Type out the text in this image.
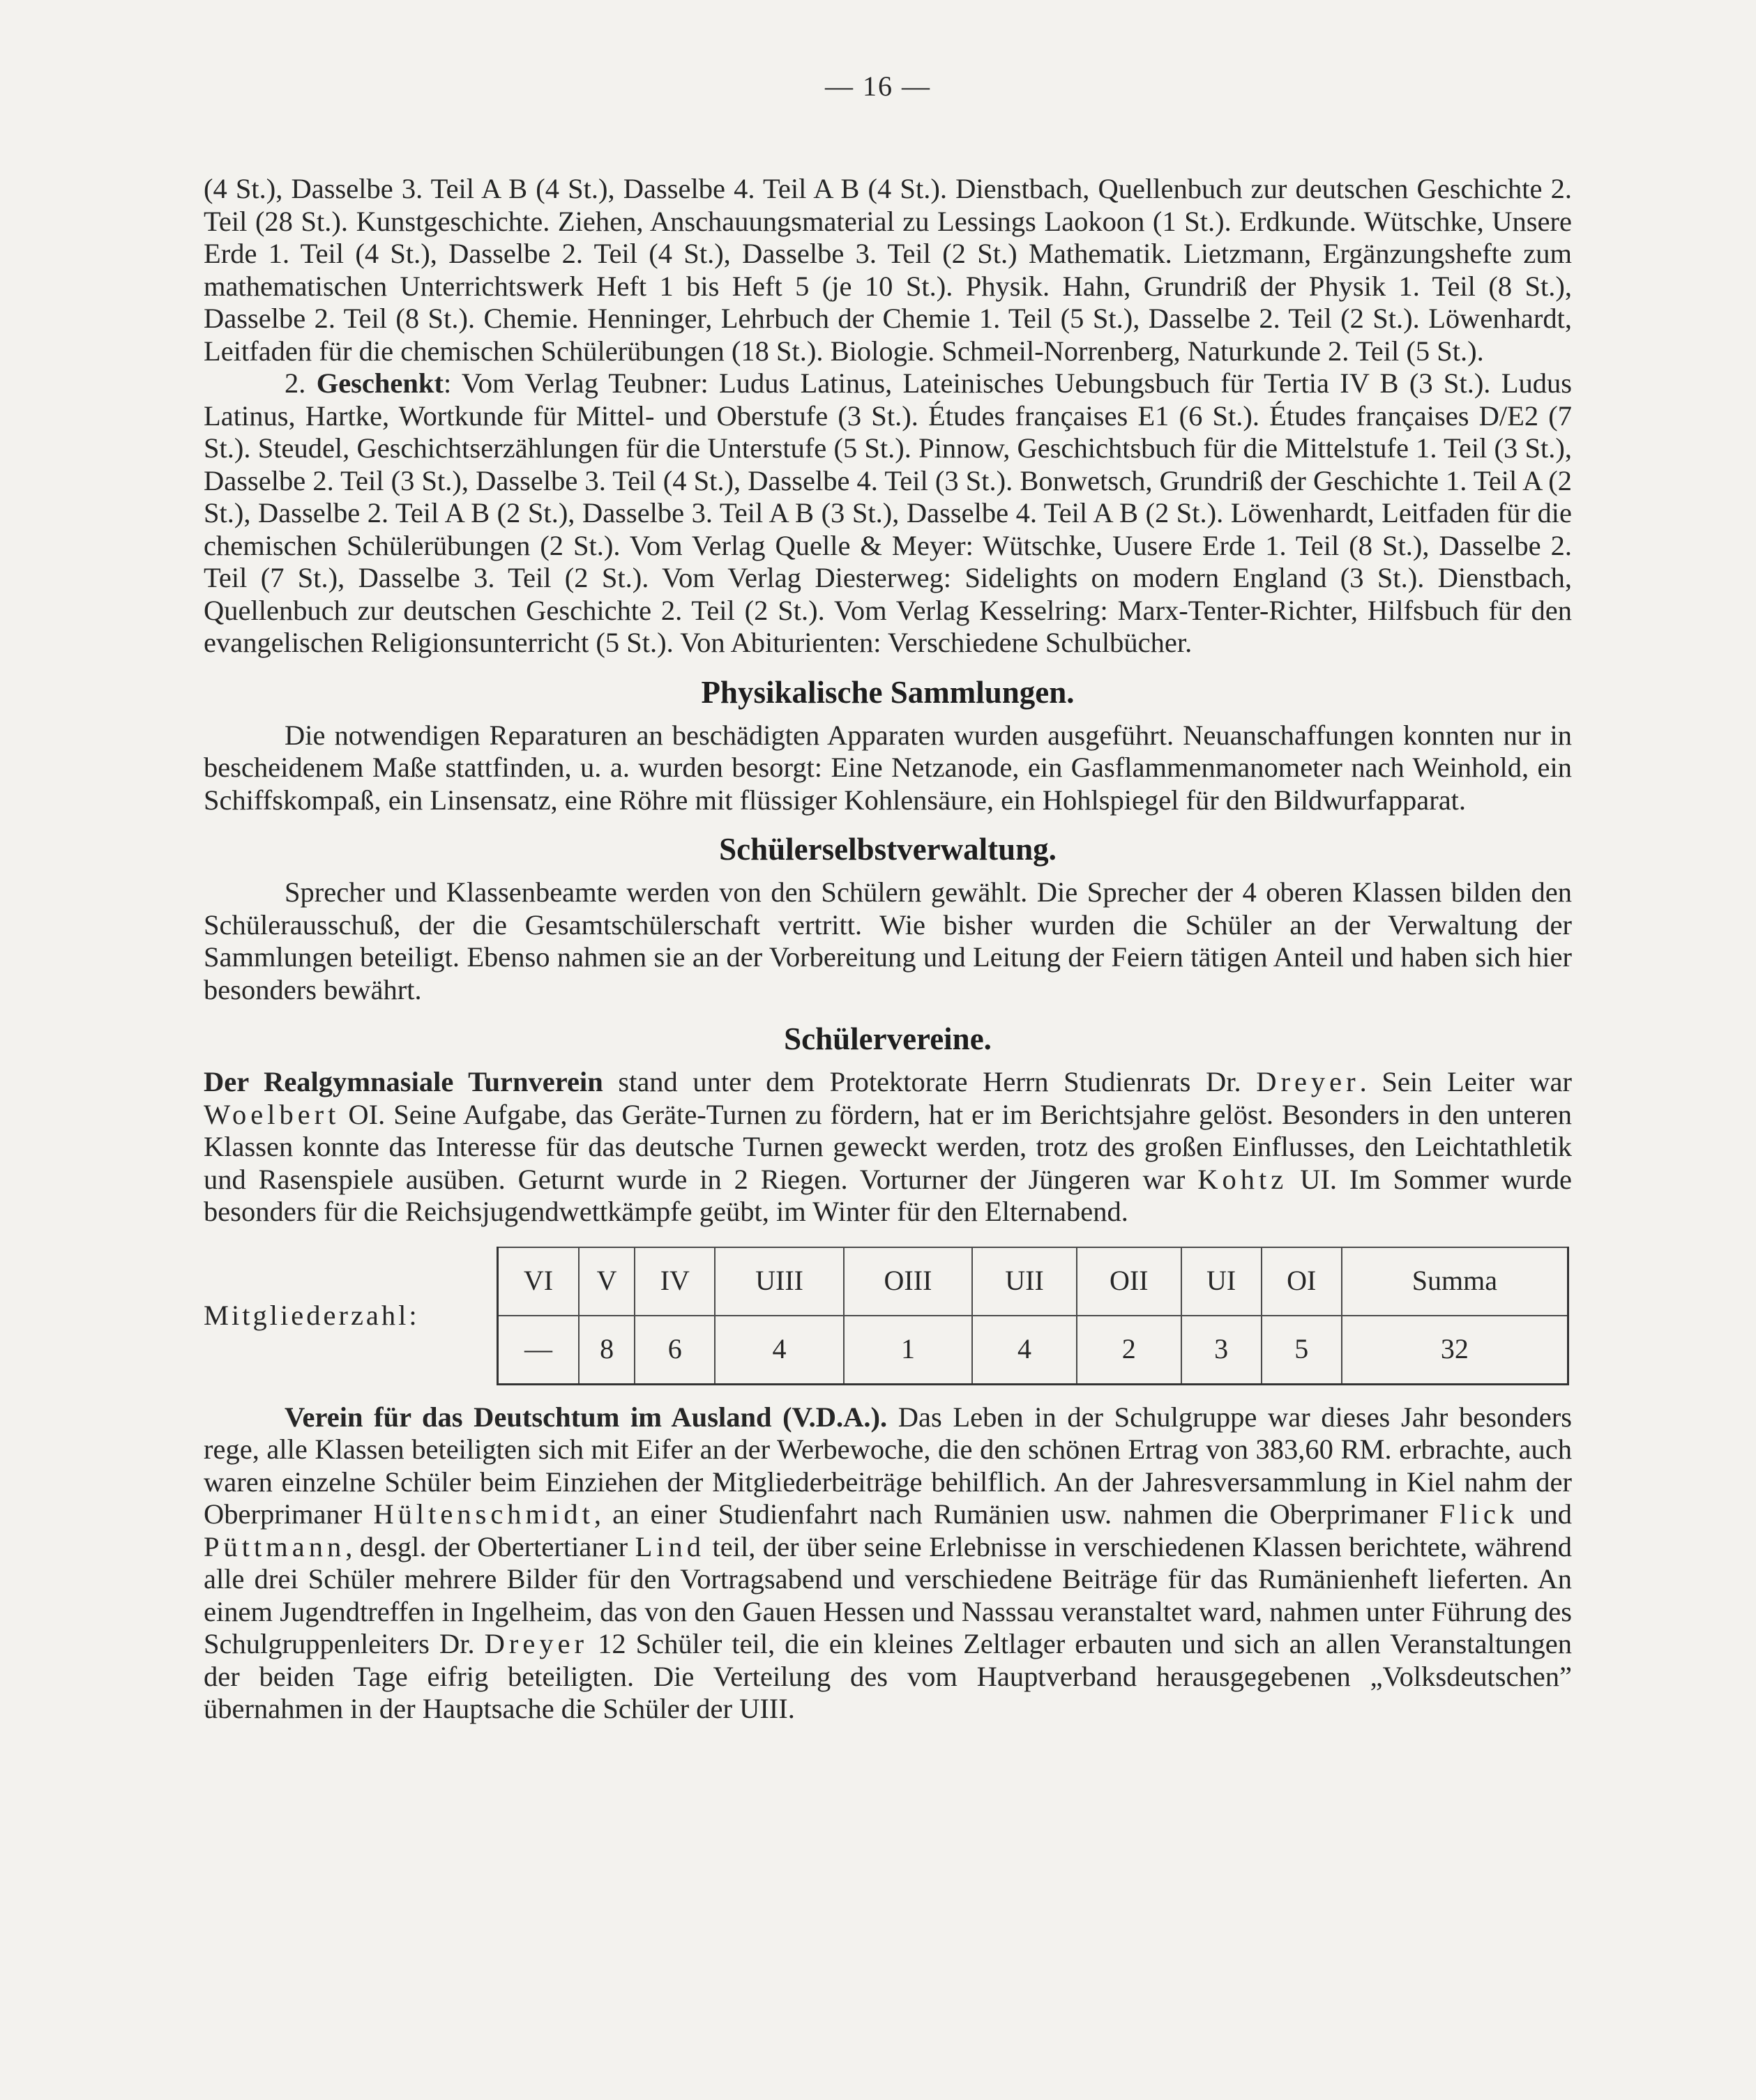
— 16 —

(4 St.), Dasselbe 3. Teil A B (4 St.), Dasselbe 4. Teil A B (4 St.). Dienstbach, Quellenbuch zur deutschen Geschichte 2. Teil (28 St.). Kunstgeschichte. Ziehen, Anschauungsmaterial zu Lessings Laokoon (1 St.). Erdkunde. Wütschke, Unsere Erde 1. Teil (4 St.), Dasselbe 2. Teil (4 St.), Dasselbe 3. Teil (2 St.) Mathematik. Lietzmann, Ergänzungshefte zum mathematischen Unterrichtswerk Heft 1 bis Heft 5 (je 10 St.). Physik. Hahn, Grundriß der Physik 1. Teil (8 St.), Dasselbe 2. Teil (8 St.). Chemie. Henninger, Lehrbuch der Chemie 1. Teil (5 St.), Dasselbe 2. Teil (2 St.). Löwenhardt, Leitfaden für die chemischen Schülerübungen (18 St.). Biologie. Schmeil-Norrenberg, Naturkunde 2. Teil (5 St.).

2. Geschenkt: Vom Verlag Teubner: Ludus Latinus, Lateinisches Uebungsbuch für Tertia IV B (3 St.). Ludus Latinus, Hartke, Wortkunde für Mittel- und Oberstufe (3 St.). Études françaises E1 (6 St.). Études françaises D/E2 (7 St.). Steudel, Geschichtserzählungen für die Unterstufe (5 St.). Pinnow, Geschichtsbuch für die Mittelstufe 1. Teil (3 St.), Dasselbe 2. Teil (3 St.), Dasselbe 3. Teil (4 St.), Dasselbe 4. Teil (3 St.). Bonwetsch, Grundriß der Geschichte 1. Teil A (2 St.), Dasselbe 2. Teil A B (2 St.), Dasselbe 3. Teil A B (3 St.), Dasselbe 4. Teil A B (2 St.). Löwenhardt, Leitfaden für die chemischen Schülerübungen (2 St.). Vom Verlag Quelle & Meyer: Wütschke, Uusere Erde 1. Teil (8 St.), Dasselbe 2. Teil (7 St.), Dasselbe 3. Teil (2 St.). Vom Verlag Diesterweg: Sidelights on modern England (3 St.). Dienstbach, Quellenbuch zur deutschen Geschichte 2. Teil (2 St.). Vom Verlag Kesselring: Marx-Tenter-Richter, Hilfsbuch für den evangelischen Religionsunterricht (5 St.). Von Abiturienten: Verschiedene Schulbücher.

Physikalische Sammlungen.

Die notwendigen Reparaturen an beschädigten Apparaten wurden ausgeführt. Neuanschaffungen konnten nur in bescheidenem Maße stattfinden, u. a. wurden besorgt: Eine Netzanode, ein Gasflammenmanometer nach Weinhold, ein Schiffskompaß, ein Linsensatz, eine Röhre mit flüssiger Kohlensäure, ein Hohlspiegel für den Bildwurfapparat.

Schülerselbstverwaltung.

Sprecher und Klassenbeamte werden von den Schülern gewählt. Die Sprecher der 4 oberen Klassen bilden den Schülerausschuß, der die Gesamtschülerschaft vertritt. Wie bisher wurden die Schüler an der Verwaltung der Sammlungen beteiligt. Ebenso nahmen sie an der Vorbereitung und Leitung der Feiern tätigen Anteil und haben sich hier besonders bewährt.

Schülervereine.

Der Realgymnasiale Turnverein stand unter dem Protektorate Herrn Studienrats Dr. Dreyer. Sein Leiter war Woelbert OI. Seine Aufgabe, das Geräte-Turnen zu fördern, hat er im Berichtsjahre gelöst. Besonders in den unteren Klassen konnte das Interesse für das deutsche Turnen geweckt werden, trotz des großen Einflusses, den Leichtathletik und Rasenspiele ausüben. Geturnt wurde in 2 Riegen. Vorturner der Jüngeren war Kohtz UI. Im Sommer wurde besonders für die Reichsjugendwettkämpfe geübt, im Winter für den Elternabend.

Mitgliederzahl:
VI	V	IV	UIII	OIII	UII	OII	UI	OI	Summa
—	8	6	4	1	4	2	3	5	32

Verein für das Deutschtum im Ausland (V.D.A.). Das Leben in der Schulgruppe war dieses Jahr besonders rege, alle Klassen beteiligten sich mit Eifer an der Werbewoche, die den schönen Ertrag von 383,60 RM. erbrachte, auch waren einzelne Schüler beim Einziehen der Mitgliederbeiträge behilflich. An der Jahresversammlung in Kiel nahm der Oberprimaner Hültenschmidt, an einer Studienfahrt nach Rumänien usw. nahmen die Oberprimaner Flick und Püttmann, desgl. der Obertertianer Lind teil, der über seine Erlebnisse in verschiedenen Klassen berichtete, während alle drei Schüler mehrere Bilder für den Vortragsabend und verschiedene Beiträge für das Rumänienheft lieferten. An einem Jugendtreffen in Ingelheim, das von den Gauen Hessen und Nasssau veranstaltet ward, nahmen unter Führung des Schulgruppenleiters Dr. Dreyer 12 Schüler teil, die ein kleines Zeltlager erbauten und sich an allen Veranstaltungen der beiden Tage eifrig beteiligten. Die Verteilung des vom Hauptverband herausgegebenen „Volksdeutschen” übernahmen in der Hauptsache die Schüler der UIII.
